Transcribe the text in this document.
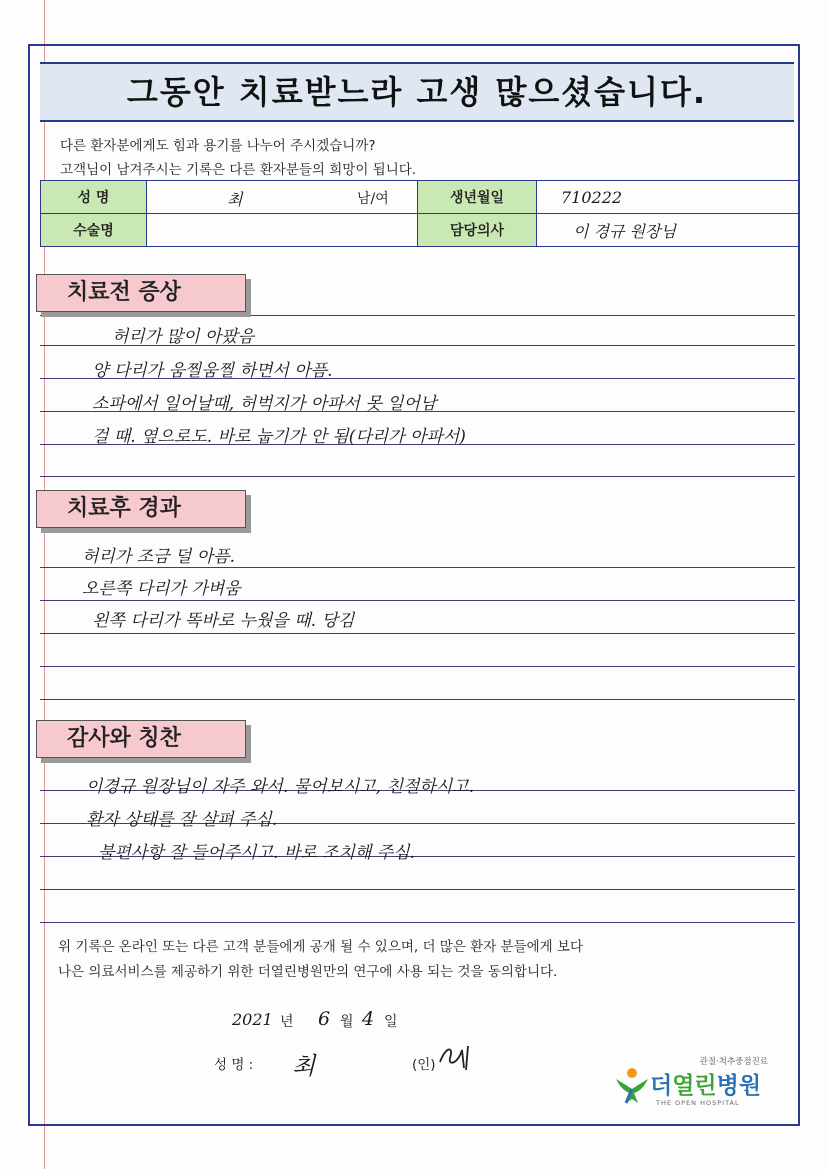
그동안 치료받느라 고생 많으셨습니다.
다른 환자분에게도 힘과 용기를 나누어 주시겠습니까?
고객님이 남겨주시는 기록은 다른 환자분들의 희망이 됩니다.
성 명	최 남/여	생년월일	710222
수술명		담당의사	이 경규 원장님
치료전 증상
허리가 많이 아팠음
양 다리가 움찔움찔 하면서 아픔.
소파에서 일어날때, 허벅지가 아파서 못 일어남
걸 때. 옆으로도. 바로 눕기가 안 됨(다리가 아파서)
치료후 경과
허리가 조금 덜 아픔.
오른쪽 다리가 가벼움
왼쪽 다리가 똑바로 누웠을 때. 당김
감사와 칭찬
이경규 원장님이 자주 와서. 물어보시고, 친절하시고.
환자 상태를 잘 살펴 주심.
불편사항 잘 들어주시고. 바로 조치해 주심.
위 기록은 온라인 또는 다른 고객 분들에게 공개 될 수 있으며, 더 많은 환자 분들에게 보다
나은 의료서비스를 제공하기 위한 더열린병원만의 연구에 사용 되는 것을 동의합니다.
2021 년 6 월 4 일
성 명 : 최	(인)	관절·척추중점진료
더열린병원
THE OPEN HOSPITAL
